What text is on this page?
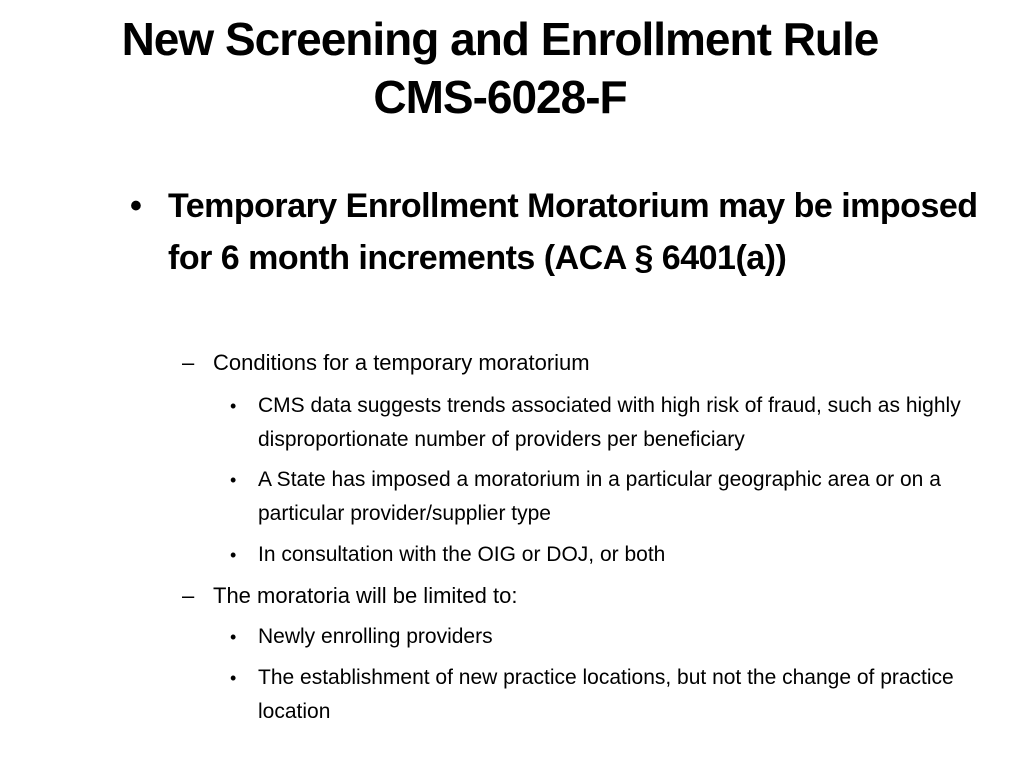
New Screening and Enrollment Rule
CMS-6028-F
• Temporary Enrollment Moratorium may be imposed for 6 month increments (ACA § 6401(a))
– Conditions for a temporary moratorium
• CMS data suggests trends associated with high risk of fraud, such as highly disproportionate number of providers per beneficiary
• A State has imposed a moratorium in a particular geographic area or on a particular provider/supplier type
• In consultation with the OIG or DOJ, or both
– The moratoria will be limited to:
• Newly enrolling providers
• The establishment of new practice locations, but not the change of practice location
